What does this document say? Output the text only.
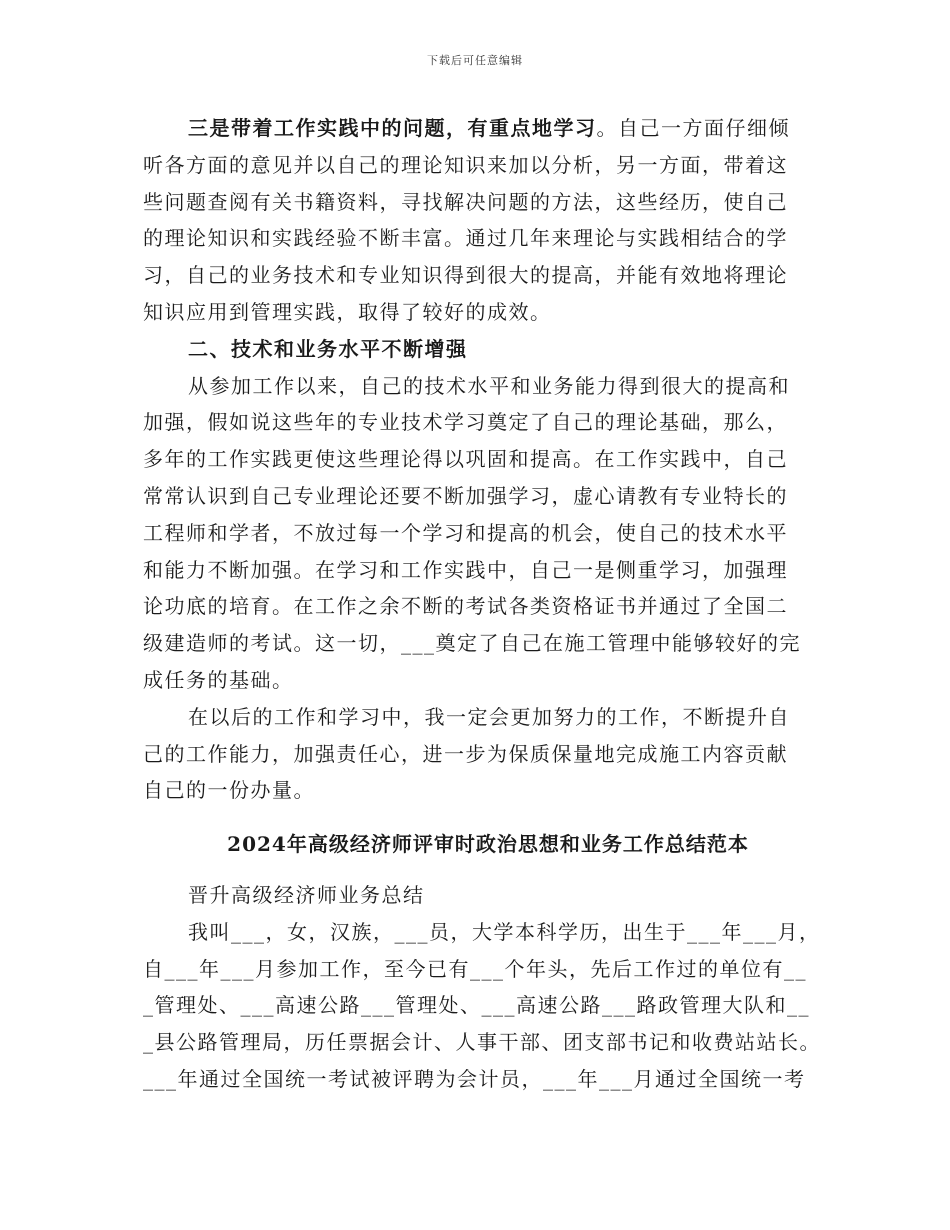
下载后可任意编辑
三是带着工作实践中的问题，有重点地学习。自己一方面仔细倾
听各方面的意见并以自己的理论知识来加以分析，另一方面，带着这
些问题查阅有关书籍资料，寻找解决问题的方法，这些经历，使自己
的理论知识和实践经验不断丰富。通过几年来理论与实践相结合的学
习，自己的业务技术和专业知识得到很大的提高，并能有效地将理论
知识应用到管理实践，取得了较好的成效。
二、技术和业务水平不断增强
从参加工作以来，自己的技术水平和业务能力得到很大的提高和
加强，假如说这些年的专业技术学习奠定了自己的理论基础，那么，
多年的工作实践更使这些理论得以巩固和提高。在工作实践中，自己
常常认识到自己专业理论还要不断加强学习，虚心请教有专业特长的
工程师和学者，不放过每一个学习和提高的机会，使自己的技术水平
和能力不断加强。在学习和工作实践中，自己一是侧重学习，加强理
论功底的培育。在工作之余不断的考试各类资格证书并通过了全国二
级建造师的考试。这一切，___奠定了自己在施工管理中能够较好的完
成任务的基础。
在以后的工作和学习中，我一定会更加努力的工作，不断提升自
己的工作能力，加强责任心，进一步为保质保量地完成施工内容贡献
自己的一份办量。
2024年高级经济师评审时政治思想和业务工作总结范本
晋升高级经济师业务总结
我叫___，女，汉族，___员，大学本科学历，出生于___年___月，
自___年___月参加工作，至今已有___个年头，先后工作过的单位有__
_管理处、___高速公路___管理处、___高速公路___路政管理大队和__
_县公路管理局，历任票据会计、人事干部、团支部书记和收费站站长。
___年通过全国统一考试被评聘为会计员，___年___月通过全国统一考
